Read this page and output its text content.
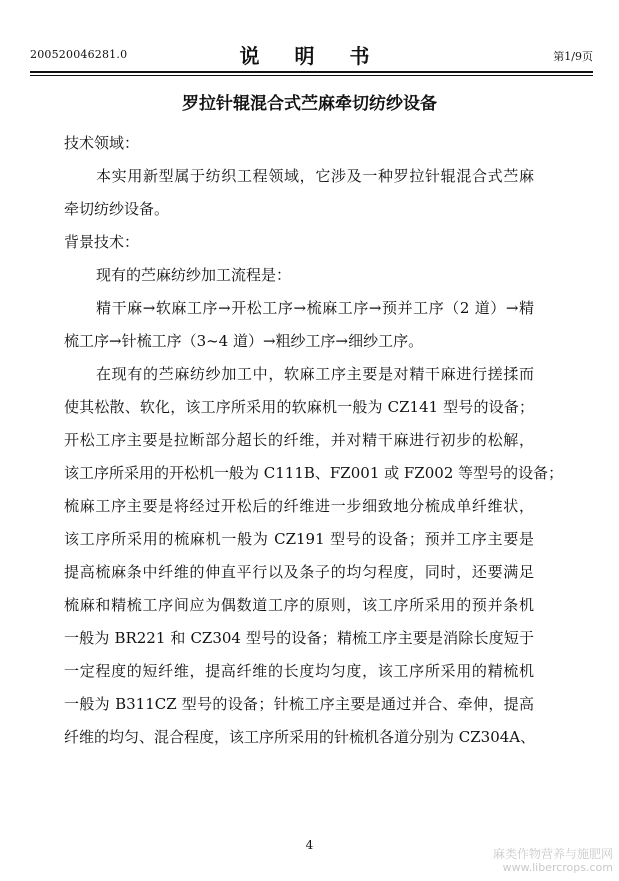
200520046281.0	说 明 书	第1/9页
罗拉针辊混合式苎麻牵切纺纱设备
技术领域：
本实用新型属于纺织工程领域，它涉及一种罗拉针辊混合式苎麻
牵切纺纱设备。
背景技术：
现有的苎麻纺纱加工流程是：
精干麻→软麻工序→开松工序→梳麻工序→预并工序（2 道）→精
梳工序→针梳工序（3~4 道）→粗纱工序→细纱工序。
在现有的苎麻纺纱加工中，软麻工序主要是对精干麻进行搓揉而
使其松散、软化，该工序所采用的软麻机一般为 CZ141 型号的设备；
开松工序主要是拉断部分超长的纤维，并对精干麻进行初步的松解，
该工序所采用的开松机一般为 C111B、FZ001 或 FZ002 等型号的设备；
梳麻工序主要是将经过开松后的纤维进一步细致地分梳成单纤维状，
该工序所采用的梳麻机一般为 CZ191 型号的设备；预并工序主要是
提高梳麻条中纤维的伸直平行以及条子的均匀程度，同时，还要满足
梳麻和精梳工序间应为偶数道工序的原则，该工序所采用的预并条机
一般为 BR221 和 CZ304 型号的设备；精梳工序主要是消除长度短于
一定程度的短纤维，提高纤维的长度均匀度，该工序所采用的精梳机
一般为 B311CZ 型号的设备；针梳工序主要是通过并合、牵伸，提高
纤维的均匀、混合程度，该工序所采用的针梳机各道分别为 CZ304A、
4
麻类作物营养与施肥网
www.libercrops.com
